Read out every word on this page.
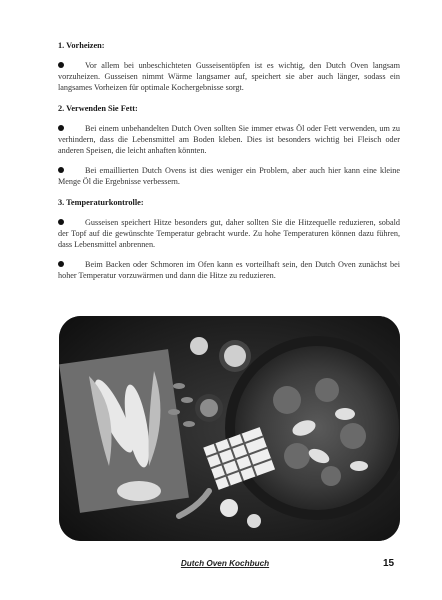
1. Vorheizen:
Vor allem bei unbeschichteten Gusseisentöpfen ist es wichtig, den Dutch Oven langsam vorzuheizen. Gusseisen nimmt Wärme langsamer auf, speichert sie aber auch länger, sodass ein langsames Vorheizen für optimale Kochergebnisse sorgt.
2. Verwenden Sie Fett:
Bei einem unbehandelten Dutch Oven sollten Sie immer etwas Öl oder Fett verwenden, um zu verhindern, dass die Lebensmittel am Boden kleben. Dies ist besonders wichtig bei Fleisch oder anderen Speisen, die leicht anhaften könnten.
Bei emaillierten Dutch Ovens ist dies weniger ein Problem, aber auch hier kann eine kleine Menge Öl die Ergebnisse verbessern.
3. Temperaturkontrolle:
Gusseisen speichert Hitze besonders gut, daher sollten Sie die Hitzequelle reduzieren, sobald der Topf auf die gewünschte Temperatur gebracht wurde. Zu hohe Temperaturen können dazu führen, dass Lebensmittel anbrennen.
Beim Backen oder Schmoren im Ofen kann es vorteilhaft sein, den Dutch Oven zunächst bei hoher Temperatur vorzuwärmen und dann die Hitze zu reduzieren.
Dutch Oven Kochbuch	15
